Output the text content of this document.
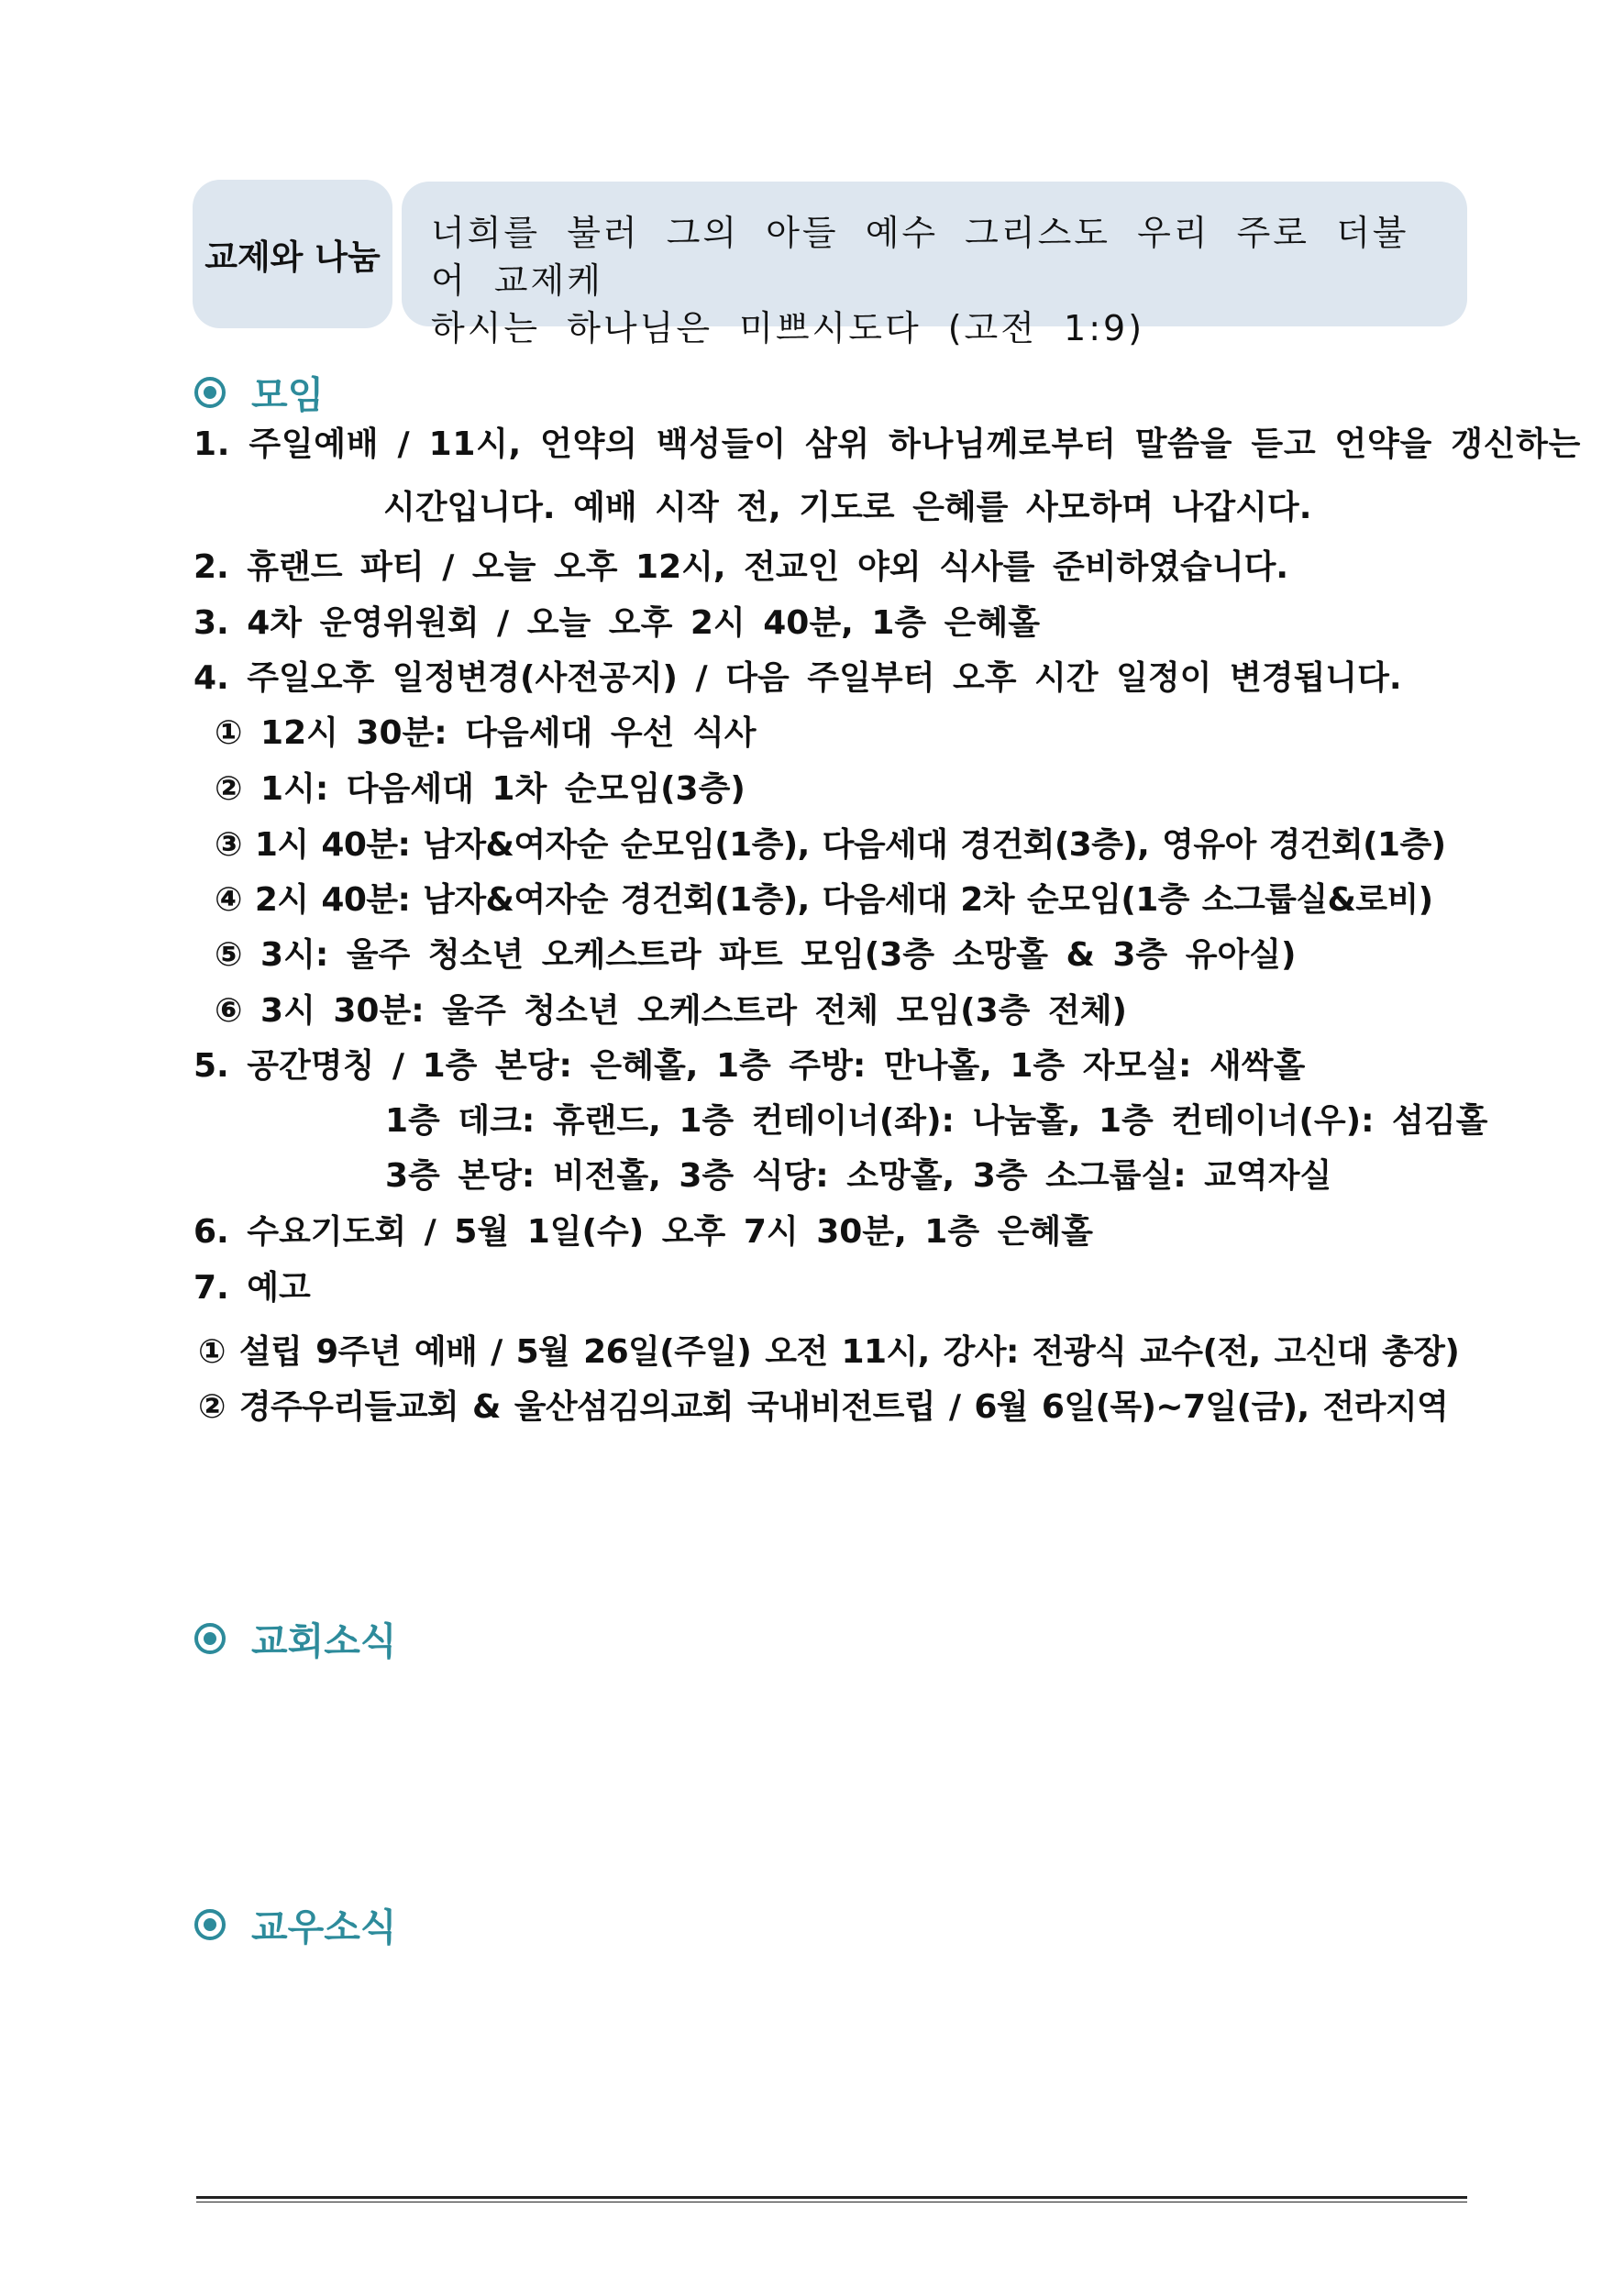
교제와 나눔
너희를 불러 그의 아들 예수 그리스도 우리 주로 더불어 교제케
하시는 하나님은 미쁘시도다 (고전 1:9)
모임
1. 주일예배 / 11시, 언약의 백성들이 삼위 하나님께로부터 말씀을 듣고 언약을 갱신하는
시간입니다. 예배 시작 전, 기도로 은혜를 사모하며 나갑시다.
2. 휴랜드 파티 / 오늘 오후 12시, 전교인 야외 식사를 준비하였습니다.
3. 4차 운영위원회 / 오늘 오후 2시 40분, 1층 은혜홀
4. 주일오후 일정변경(사전공지) / 다음 주일부터 오후 시간 일정이 변경됩니다.
① 12시 30분: 다음세대 우선 식사
② 1시: 다음세대 1차 순모임(3층)
③ 1시 40분: 남자&여자순 순모임(1층), 다음세대 경건회(3층), 영유아 경건회(1층)
④ 2시 40분: 남자&여자순 경건회(1층), 다음세대 2차 순모임(1층 소그룹실&로비)
⑤ 3시: 울주 청소년 오케스트라 파트 모임(3층 소망홀 & 3층 유아실)
⑥ 3시 30분: 울주 청소년 오케스트라 전체 모임(3층 전체)
5. 공간명칭 / 1층 본당: 은혜홀, 1층 주방: 만나홀, 1층 자모실: 새싹홀
1층 데크: 휴랜드, 1층 컨테이너(좌): 나눔홀, 1층 컨테이너(우): 섬김홀
3층 본당: 비전홀, 3층 식당: 소망홀, 3층 소그룹실: 교역자실
6. 수요기도회 / 5월 1일(수) 오후 7시 30분, 1층 은혜홀
7. 예고
① 설립 9주년 예배 / 5월 26일(주일) 오전 11시, 강사: 전광식 교수(전, 고신대 총장)
② 경주우리들교회 & 울산섬김의교회 국내비전트립 / 6월 6일(목)~7일(금), 전라지역
교회소식
교우소식
